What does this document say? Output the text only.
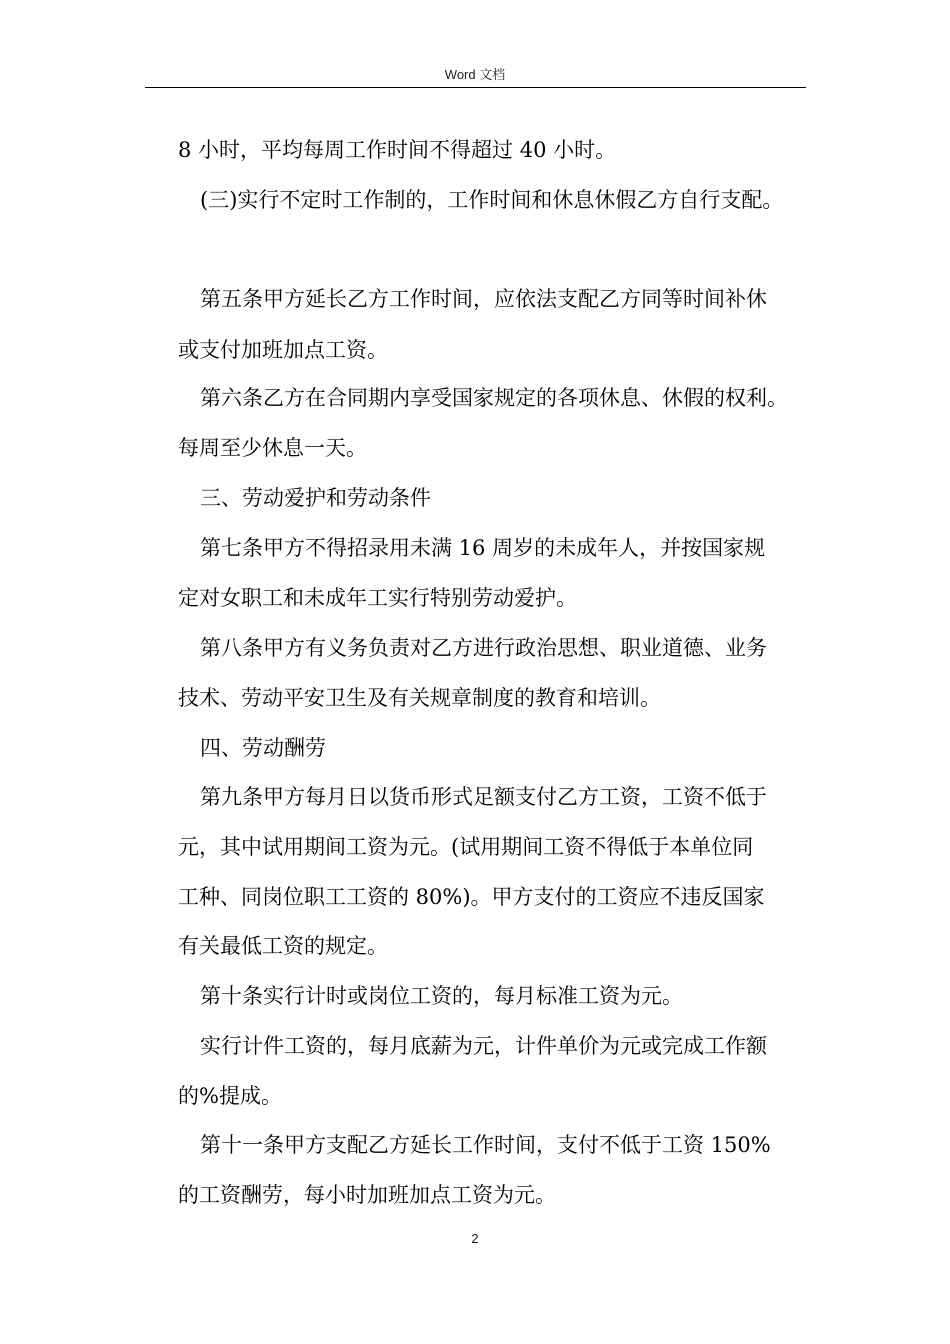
Word 文档
8 小时，平均每周工作时间不得超过 40 小时。
(三)实行不定时工作制的，工作时间和休息休假乙方自行支配。
第五条甲方延长乙方工作时间，应依法支配乙方同等时间补休
或支付加班加点工资。
第六条乙方在合同期内享受国家规定的各项休息、休假的权利。
每周至少休息一天。
三、劳动爱护和劳动条件
第七条甲方不得招录用未满 16 周岁的未成年人，并按国家规
定对女职工和未成年工实行特别劳动爱护。
第八条甲方有义务负责对乙方进行政治思想、职业道德、业务
技术、劳动平安卫生及有关规章制度的教育和培训。
四、劳动酬劳
第九条甲方每月日以货币形式足额支付乙方工资，工资不低于
元，其中试用期间工资为元。(试用期间工资不得低于本单位同
工种、同岗位职工工资的 80%)。甲方支付的工资应不违反国家
有关最低工资的规定。
第十条实行计时或岗位工资的，每月标准工资为元。
实行计件工资的，每月底薪为元，计件单价为元或完成工作额
的%提成。
第十一条甲方支配乙方延长工作时间，支付不低于工资 150%
的工资酬劳，每小时加班加点工资为元。
2
